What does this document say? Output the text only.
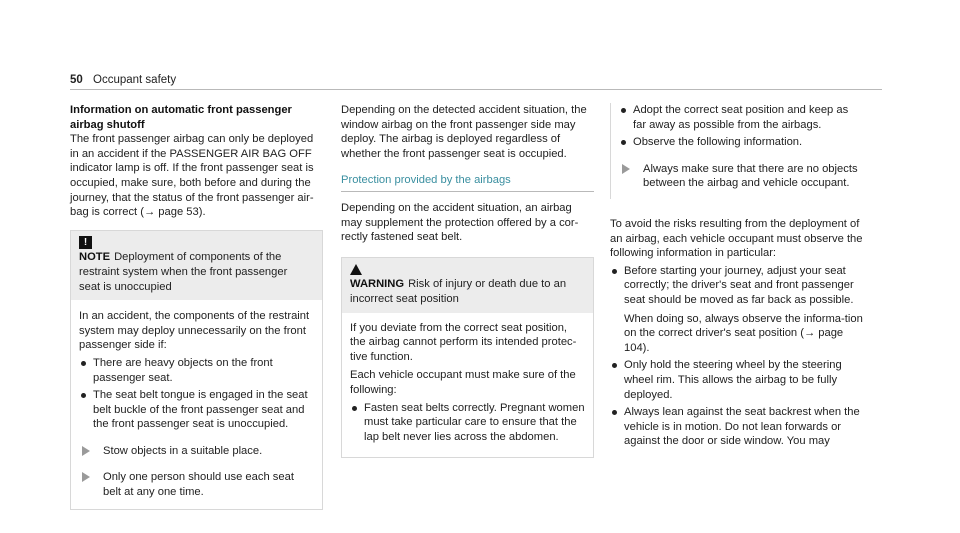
50 Occupant safety

Information on automatic front passenger airbag shutoff

The front passenger airbag can only be deployed in an accident if the PASSENGER AIR BAG OFF indicator lamp is off. If the front passenger seat is occupied, make sure, both before and during the journey, that the status of the front passenger air-bag is correct (→ page 53).

!NOTE Deployment of components of the restraint system when the front passenger seat is unoccupied

In an accident, the components of the restraint system may deploy unnecessarily on the front passenger side if:

There are heavy objects on the front passenger seat.
The seat belt tongue is engaged in the seat belt buckle of the front passenger seat and the front passenger seat is unoccupied.
Stow objects in a suitable place.
Only one person should use each seat belt at any one time.

Depending on the detected accident situation, the window airbag on the front passenger side may deploy. The airbag is deployed regardless of whether the front passenger seat is occupied.

Protection provided by the airbags

Depending on the accident situation, an airbag may supplement the protection offered by a cor-rectly fastened seat belt.

WARNING Risk of injury or death due to an incorrect seat position

If you deviate from the correct seat position, the airbag cannot perform its intended protec-tive function.

Each vehicle occupant must make sure of the following:

Fasten seat belts correctly. Pregnant women must take particular care to ensure that the lap belt never lies across the abdomen.
Adopt the correct seat position and keep as far away as possible from the airbags.
Observe the following information.
Always make sure that there are no objects between the airbag and vehicle occupant.

To avoid the risks resulting from the deployment of an airbag, each vehicle occupant must observe the following information in particular:

Before starting your journey, adjust your seat correctly; the driver's seat and front passenger seat should be moved as far back as possible.
When doing so, always observe the informa-tion on the correct driver's seat position (→ page 104).
Only hold the steering wheel by the steering wheel rim. This allows the airbag to be fully deployed.
Always lean against the seat backrest when the vehicle is in motion. Do not lean forwards or against the door or side window. You may
